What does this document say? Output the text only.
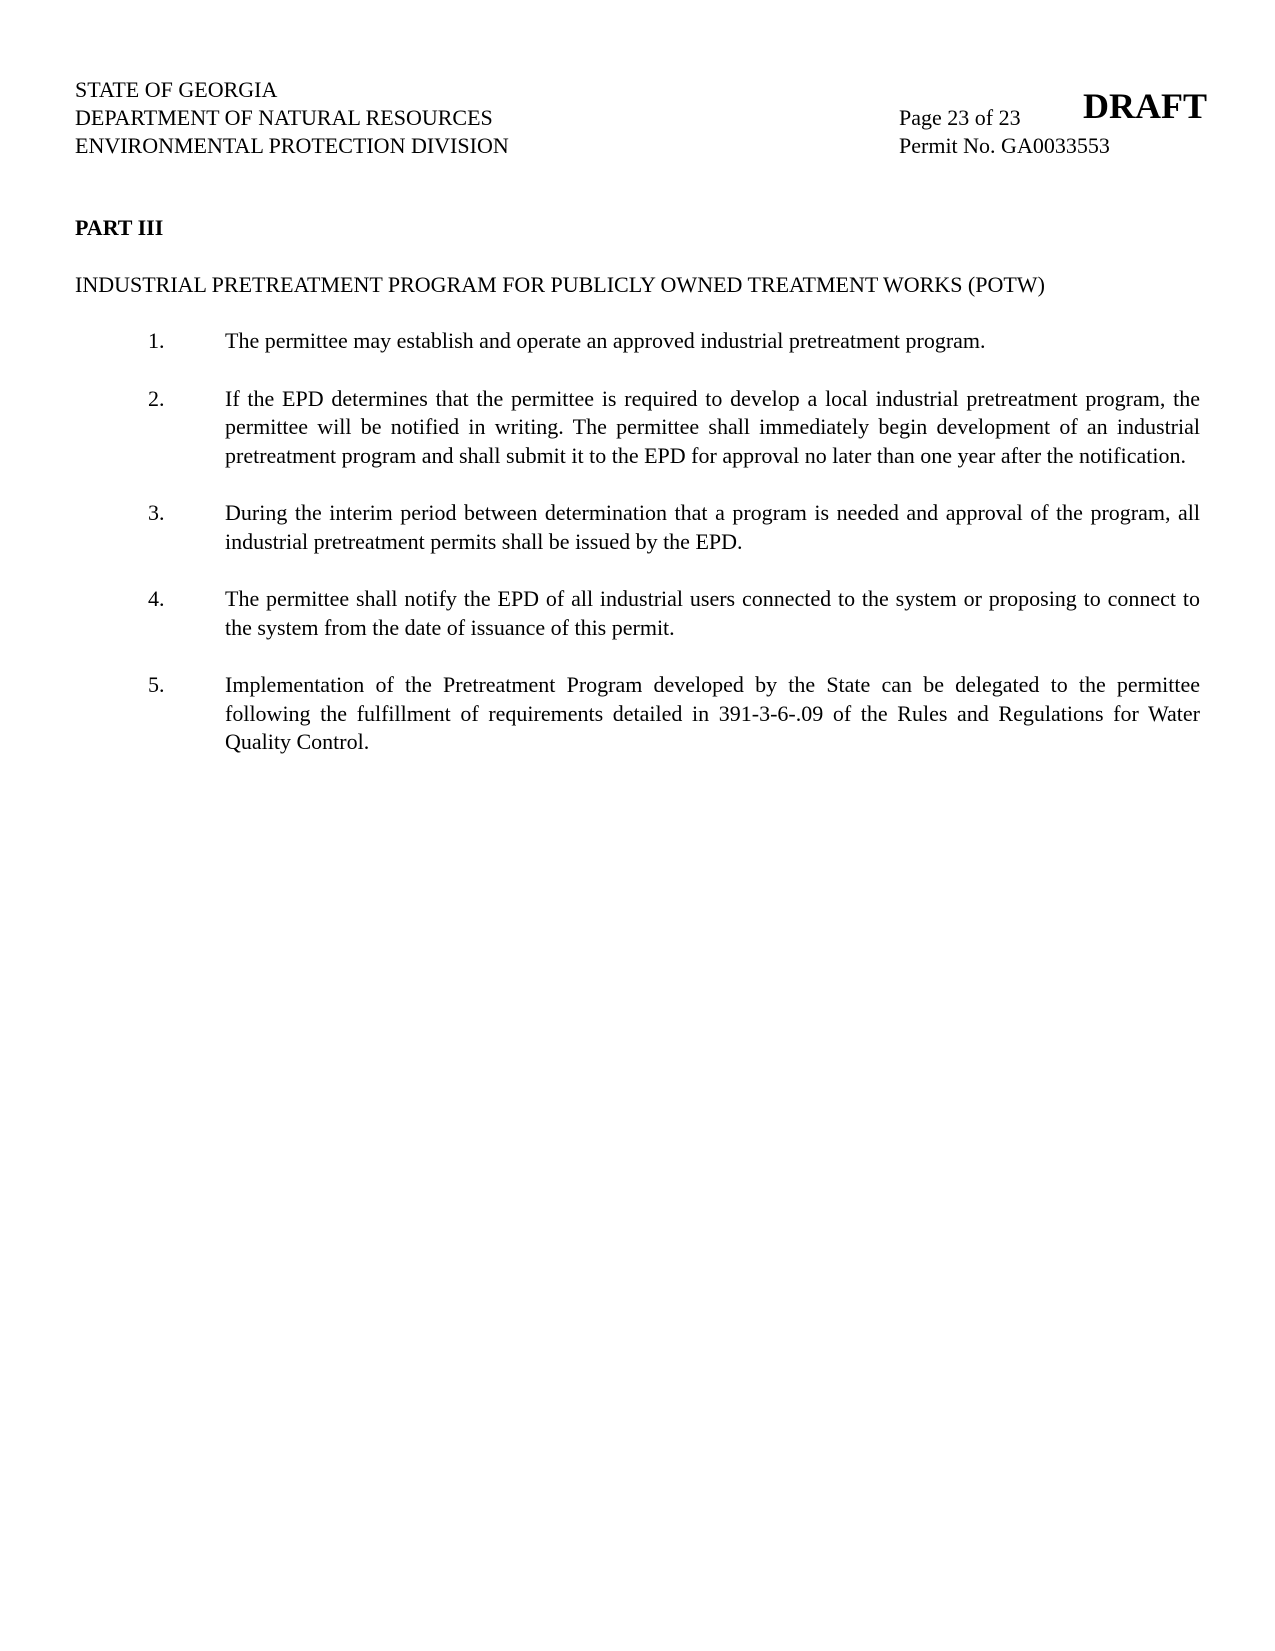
STATE OF GEORGIA
DEPARTMENT OF NATURAL RESOURCES
ENVIRONMENTAL PROTECTION DIVISION
Page 23 of 23
Permit No. GA0033553
DRAFT
PART III
INDUSTRIAL PRETREATMENT PROGRAM FOR PUBLICLY OWNED TREATMENT WORKS (POTW)
1.	The permittee may establish and operate an approved industrial pretreatment program.
2.	If the EPD determines that the permittee is required to develop a local industrial pretreatment program, the permittee will be notified in writing. The permittee shall immediately begin development of an industrial pretreatment program and shall submit it to the EPD for approval no later than one year after the notification.
3.	During the interim period between determination that a program is needed and approval of the program, all industrial pretreatment permits shall be issued by the EPD.
4.	The permittee shall notify the EPD of all industrial users connected to the system or proposing to connect to the system from the date of issuance of this permit.
5.	Implementation of the Pretreatment Program developed by the State can be delegated to the permittee following the fulfillment of requirements detailed in 391-3-6-.09 of the Rules and Regulations for Water Quality Control.
